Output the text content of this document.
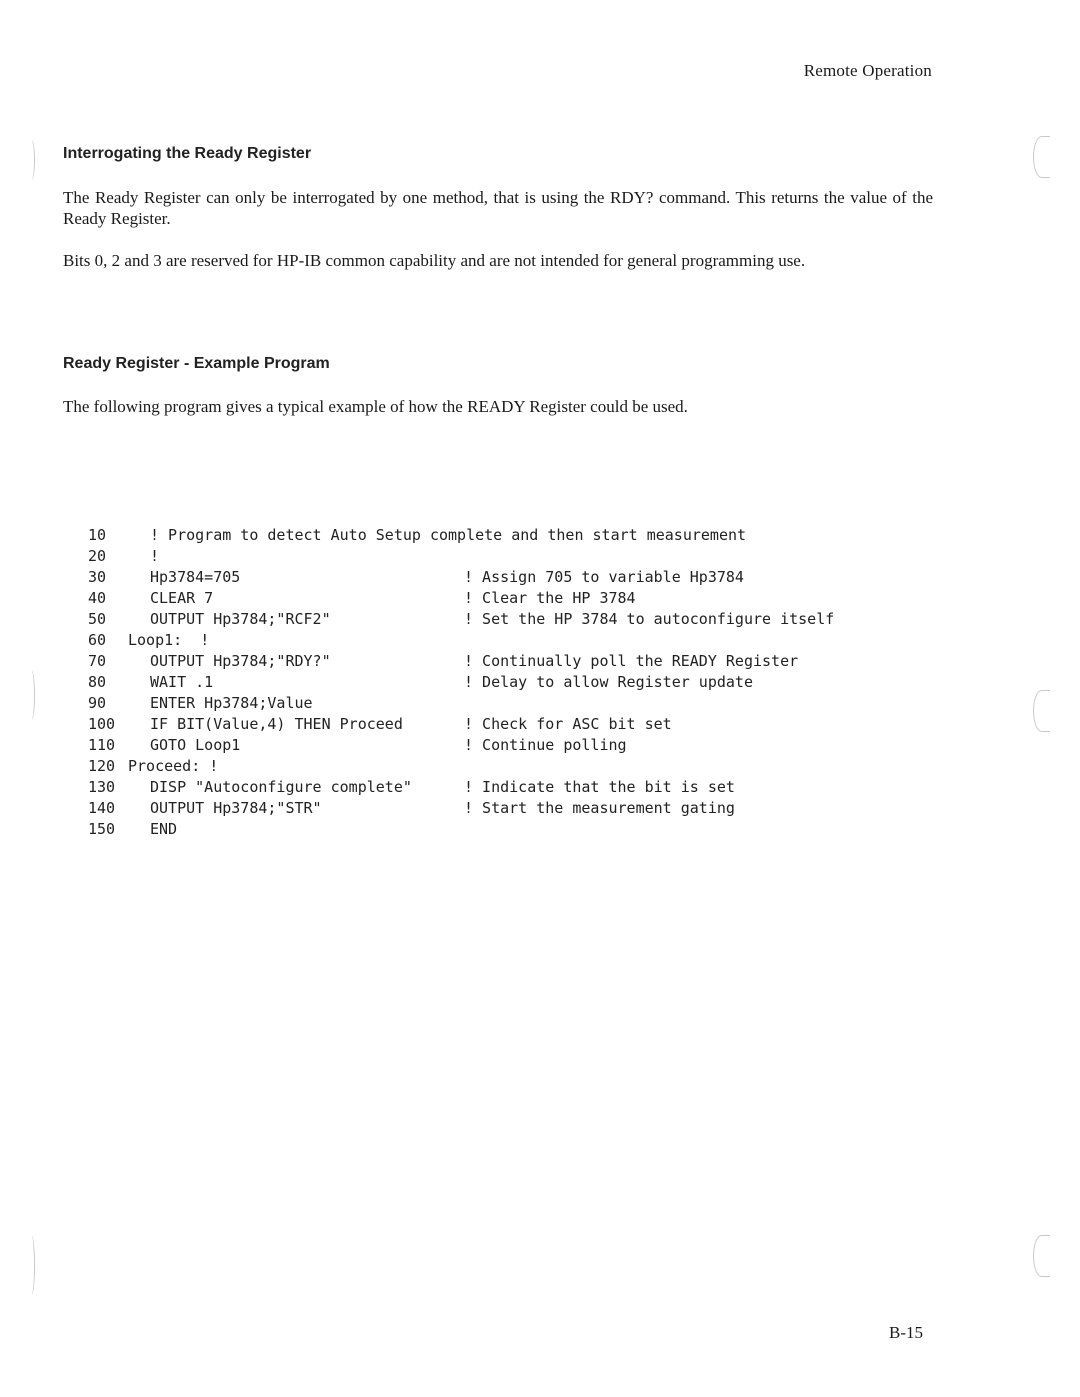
Remote Operation
Interrogating the Ready Register

The Ready Register can only be interrogated by one method, that is using the RDY? command. This returns the value of the Ready Register.

Bits 0, 2 and 3 are reserved for HP-IB common capability and are not intended for general programming use.

Ready Register - Example Program

The following program gives a typical example of how the READY Register could be used.

10	! Program to detect Auto Setup complete and then start measurement
20	!
30	Hp3784=705	! Assign 705 to variable Hp3784
40	CLEAR 7	! Clear the HP 3784
50	OUTPUT Hp3784;"RCF2"	! Set the HP 3784 to autoconfigure itself
60 Loop1:  !
70	OUTPUT Hp3784;"RDY?"	! Continually poll the READY Register
80	WAIT .1	! Delay to allow Register update
90	ENTER Hp3784;Value
100 IF BIT(Value,4) THEN Proceed	! Check for ASC bit set
110 GOTO Loop1	! Continue polling
120 Proceed: !
130 DISP "Autoconfigure complete"	! Indicate that the bit is set
140 OUTPUT Hp3784;"STR"	! Start the measurement gating
150 END
B-15
